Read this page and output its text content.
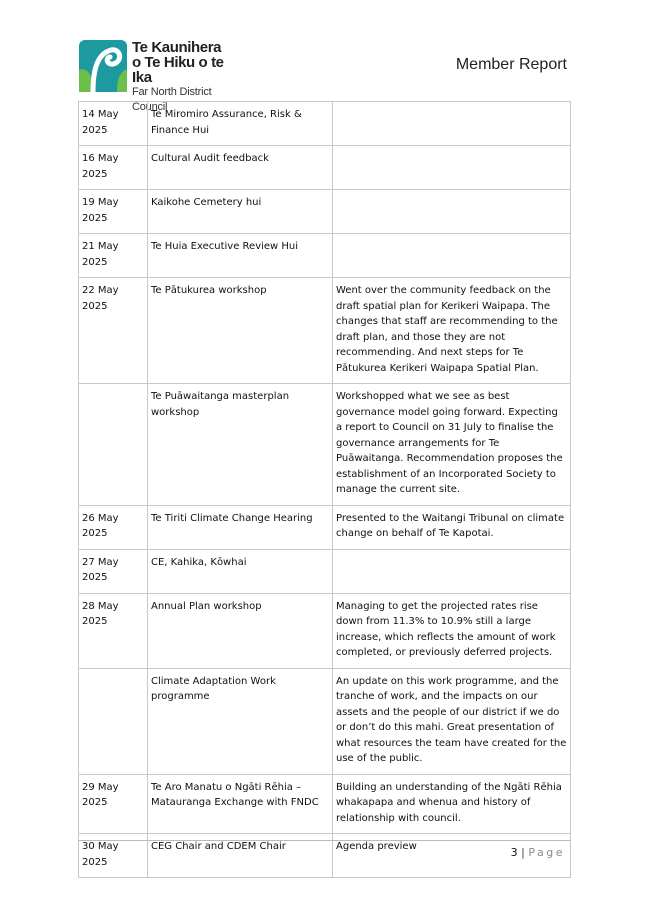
Te Kaunihera
o Te Hiku o te Ika
Far North District Council
Member Report
14 May 2025	Te Miromiro Assurance, Risk & Finance Hui	
16 May 2025	Cultural Audit feedback	
19 May 2025	Kaikohe Cemetery hui	
21 May 2025	Te Huia Executive Review Hui	
22 May 2025	Te Pātukurea workshop	Went over the community feedback on the draft spatial plan for Kerikeri Waipapa. The changes that staff are recommending to the draft plan, and those they are not recommending. And next steps for Te Pātukurea Kerikeri Waipapa Spatial Plan.
	Te Puāwaitanga masterplan workshop	Workshopped what we see as best governance model going forward. Expecting a report to Council on 31 July to finalise the governance arrangements for Te Puāwaitanga. Recommendation proposes the establishment of an Incorporated Society to manage the current site.
26 May 2025	Te Tiriti Climate Change Hearing	Presented to the Waitangi Tribunal on climate change on behalf of Te Kapotai.
27 May 2025	CE, Kahika, Kōwhai	
28 May 2025	Annual Plan workshop	Managing to get the projected rates rise down from 11.3% to 10.9% still a large increase, which reflects the amount of work completed, or previously deferred projects.
	Climate Adaptation Work programme	An update on this work programme, and the tranche of work, and the impacts on our assets and the people of our district if we do or don’t do this mahi. Great presentation of what resources the team have created for the use of the public.
29 May 2025	Te Aro Manatu o Ngāti Rēhia – Matauranga Exchange with FNDC	Building an understanding of the Ngāti Rēhia whakapapa and whenua and history of relationship with council.
30 May 2025	CEG Chair and CDEM Chair	Agenda preview	3 | Page
